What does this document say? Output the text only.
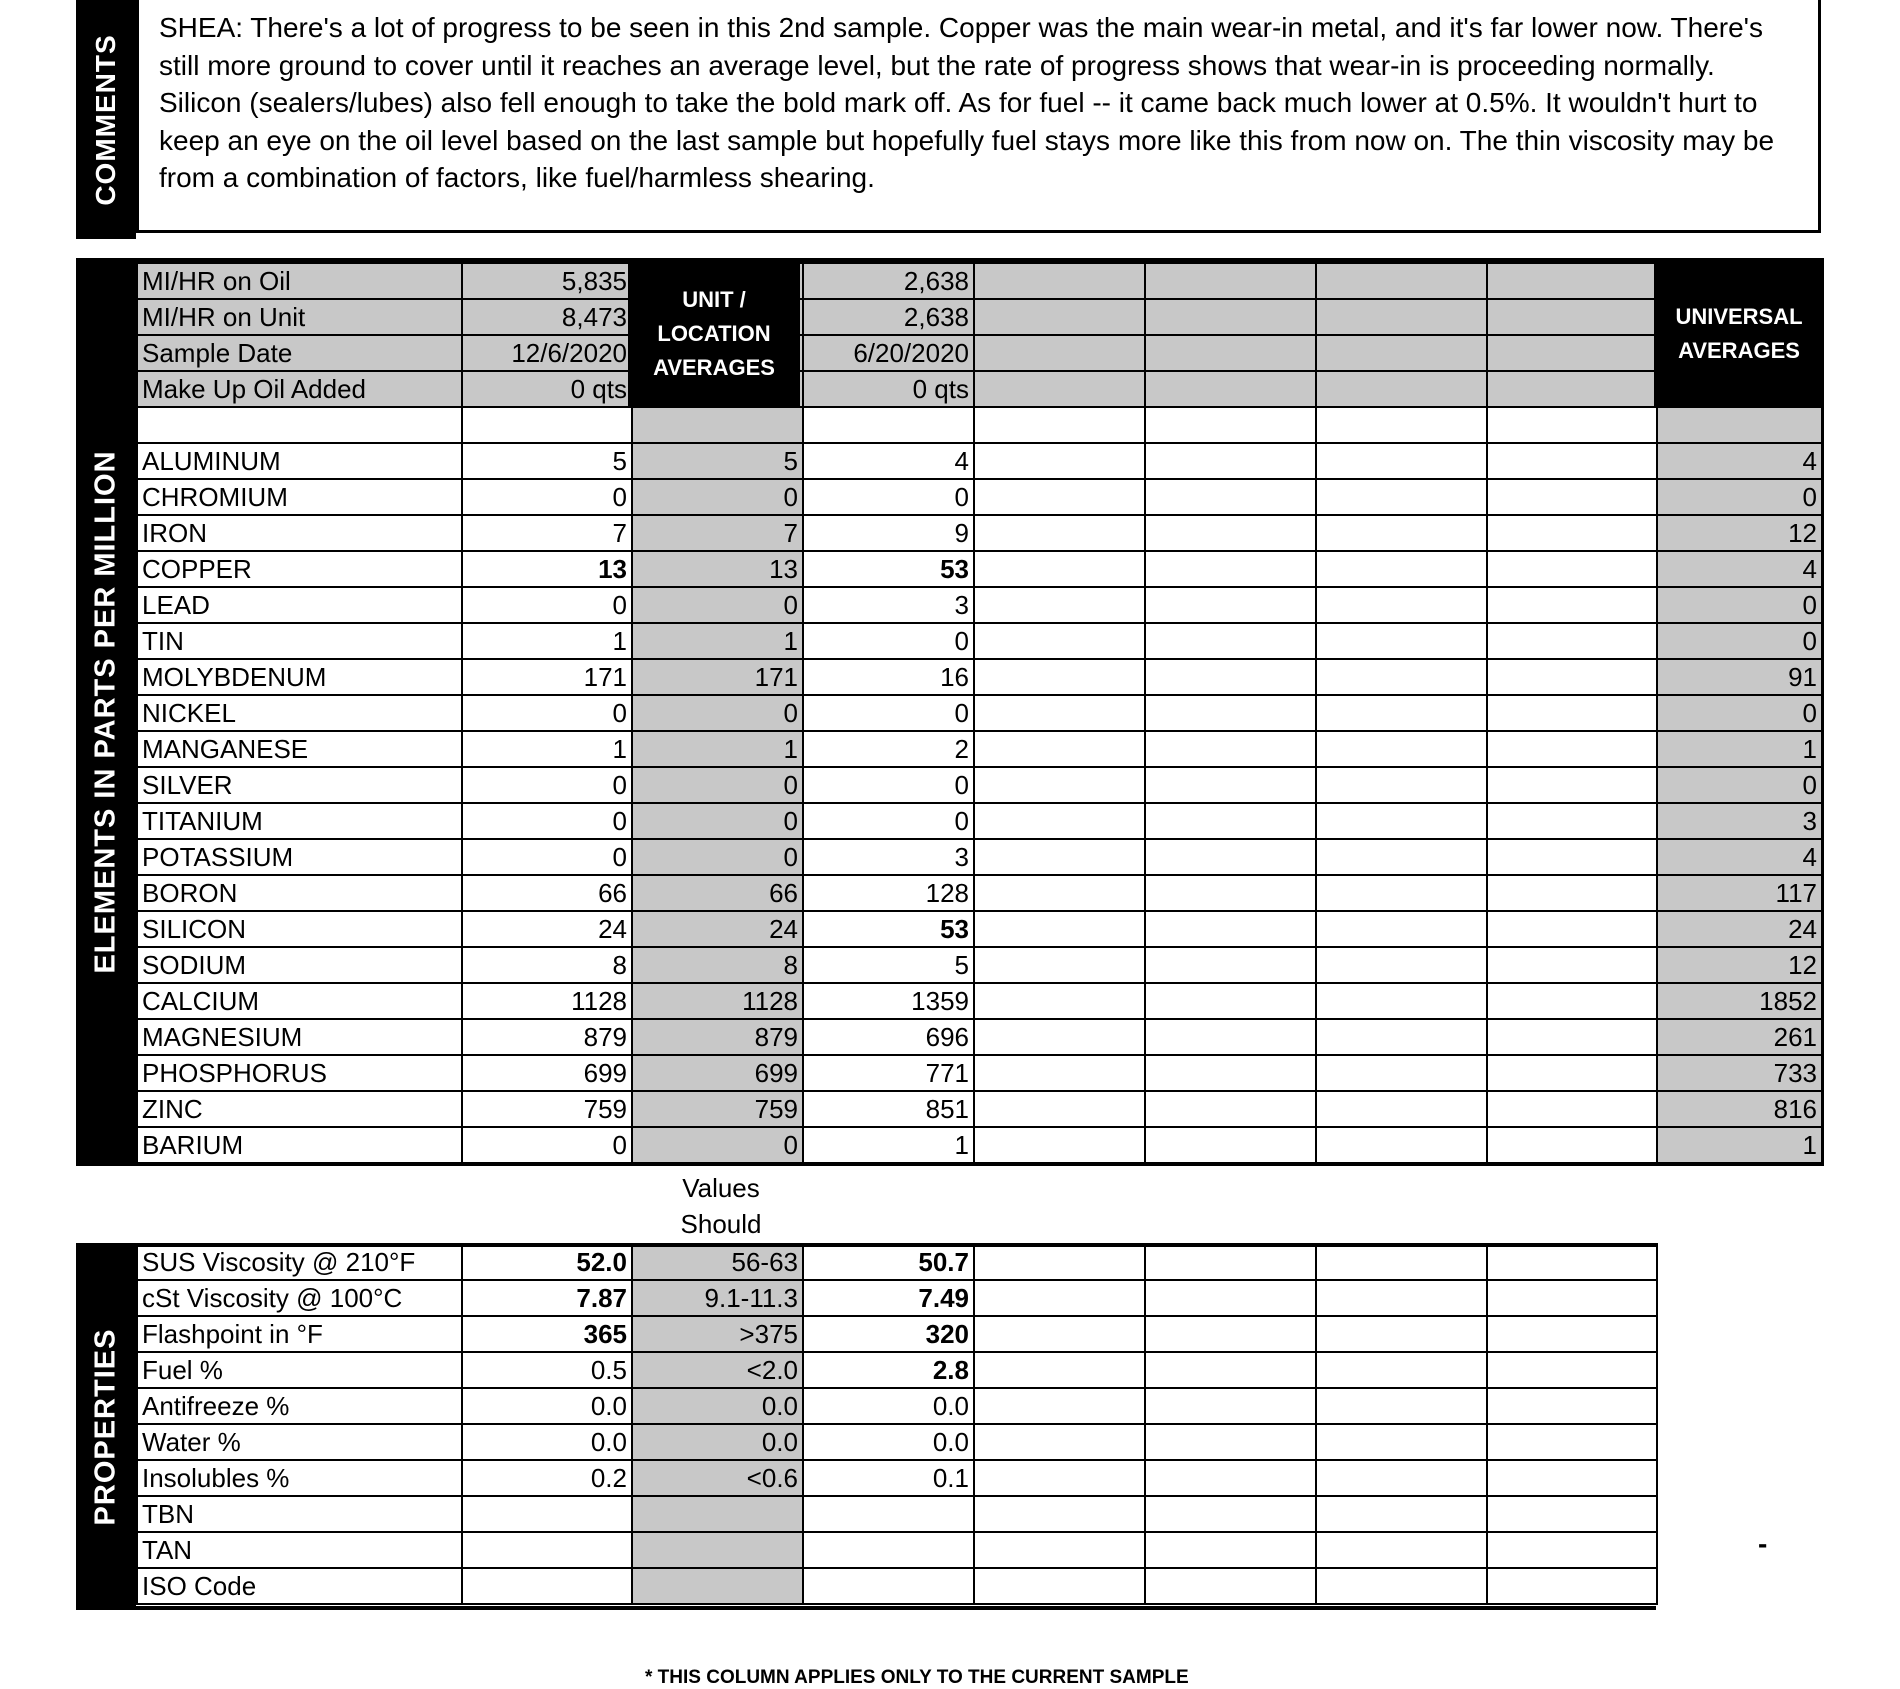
COMMENTS

SHEA: There's a lot of progress to be seen in this 2nd sample. Copper was the main wear-in metal, and it's far lower now. There's still more ground to cover until it reaches an average level, but the rate of progress shows that wear-in is proceeding normally. Silicon (sealers/lubes) also fell enough to take the bold mark off. As for fuel -- it came back much lower at 0.5%. It wouldn't hurt to keep an eye on the oil level based on the last sample but hopefully fuel stays more like this from now on. The thin viscosity may be from a combination of factors, like fuel/harmless shearing.

ELEMENTS IN PARTS PER MILLION
MI/HR on Oil	5,835		2,638					
MI/HR on Unit	8,473		2,638					
Sample Date	12/6/2020		6/20/2020					
Make Up Oil Added	0 qts		0 qts					

ALUMINUM	5	5	4					4
CHROMIUM	0	0	0					0
IRON	7	7	9					12
COPPER	13	13	53					4
LEAD	0	0	3					0
TIN	1	1	0					0
MOLYBDENUM	171	171	16					91
NICKEL	0	0	0					0
MANGANESE	1	1	2					1
SILVER	0	0	0					0
TITANIUM	0	0	0					3
POTASSIUM	0	0	3					4
BORON	66	66	128					117
SILICON	24	24	53					24
SODIUM	8	8	5					12
CALCIUM	1128	1128	1359					1852
MAGNESIUM	879	879	696					261
PHOSPHORUS	699	699	771					733
ZINC	759	759	851					816
BARIUM	0	0	1					1
UNIT / LOCATION AVERAGES
UNIVERSAL AVERAGES
Values Should
PROPERTIES
SUS Viscosity @ 210°F	52.0	56-63	50.7				
cSt Viscosity @ 100°C	7.87	9.1-11.3	7.49				
Flashpoint in °F	365	>375	320				
Fuel %	0.5	<2.0	2.8				
Antifreeze %	0.0	0.0	0.0				
Water %	0.0	0.0	0.0				
Insolubles %	0.2	<0.6	0.1				
TBN							
TAN							
ISO Code							
-
* THIS COLUMN APPLIES ONLY TO THE CURRENT SAMPLE
